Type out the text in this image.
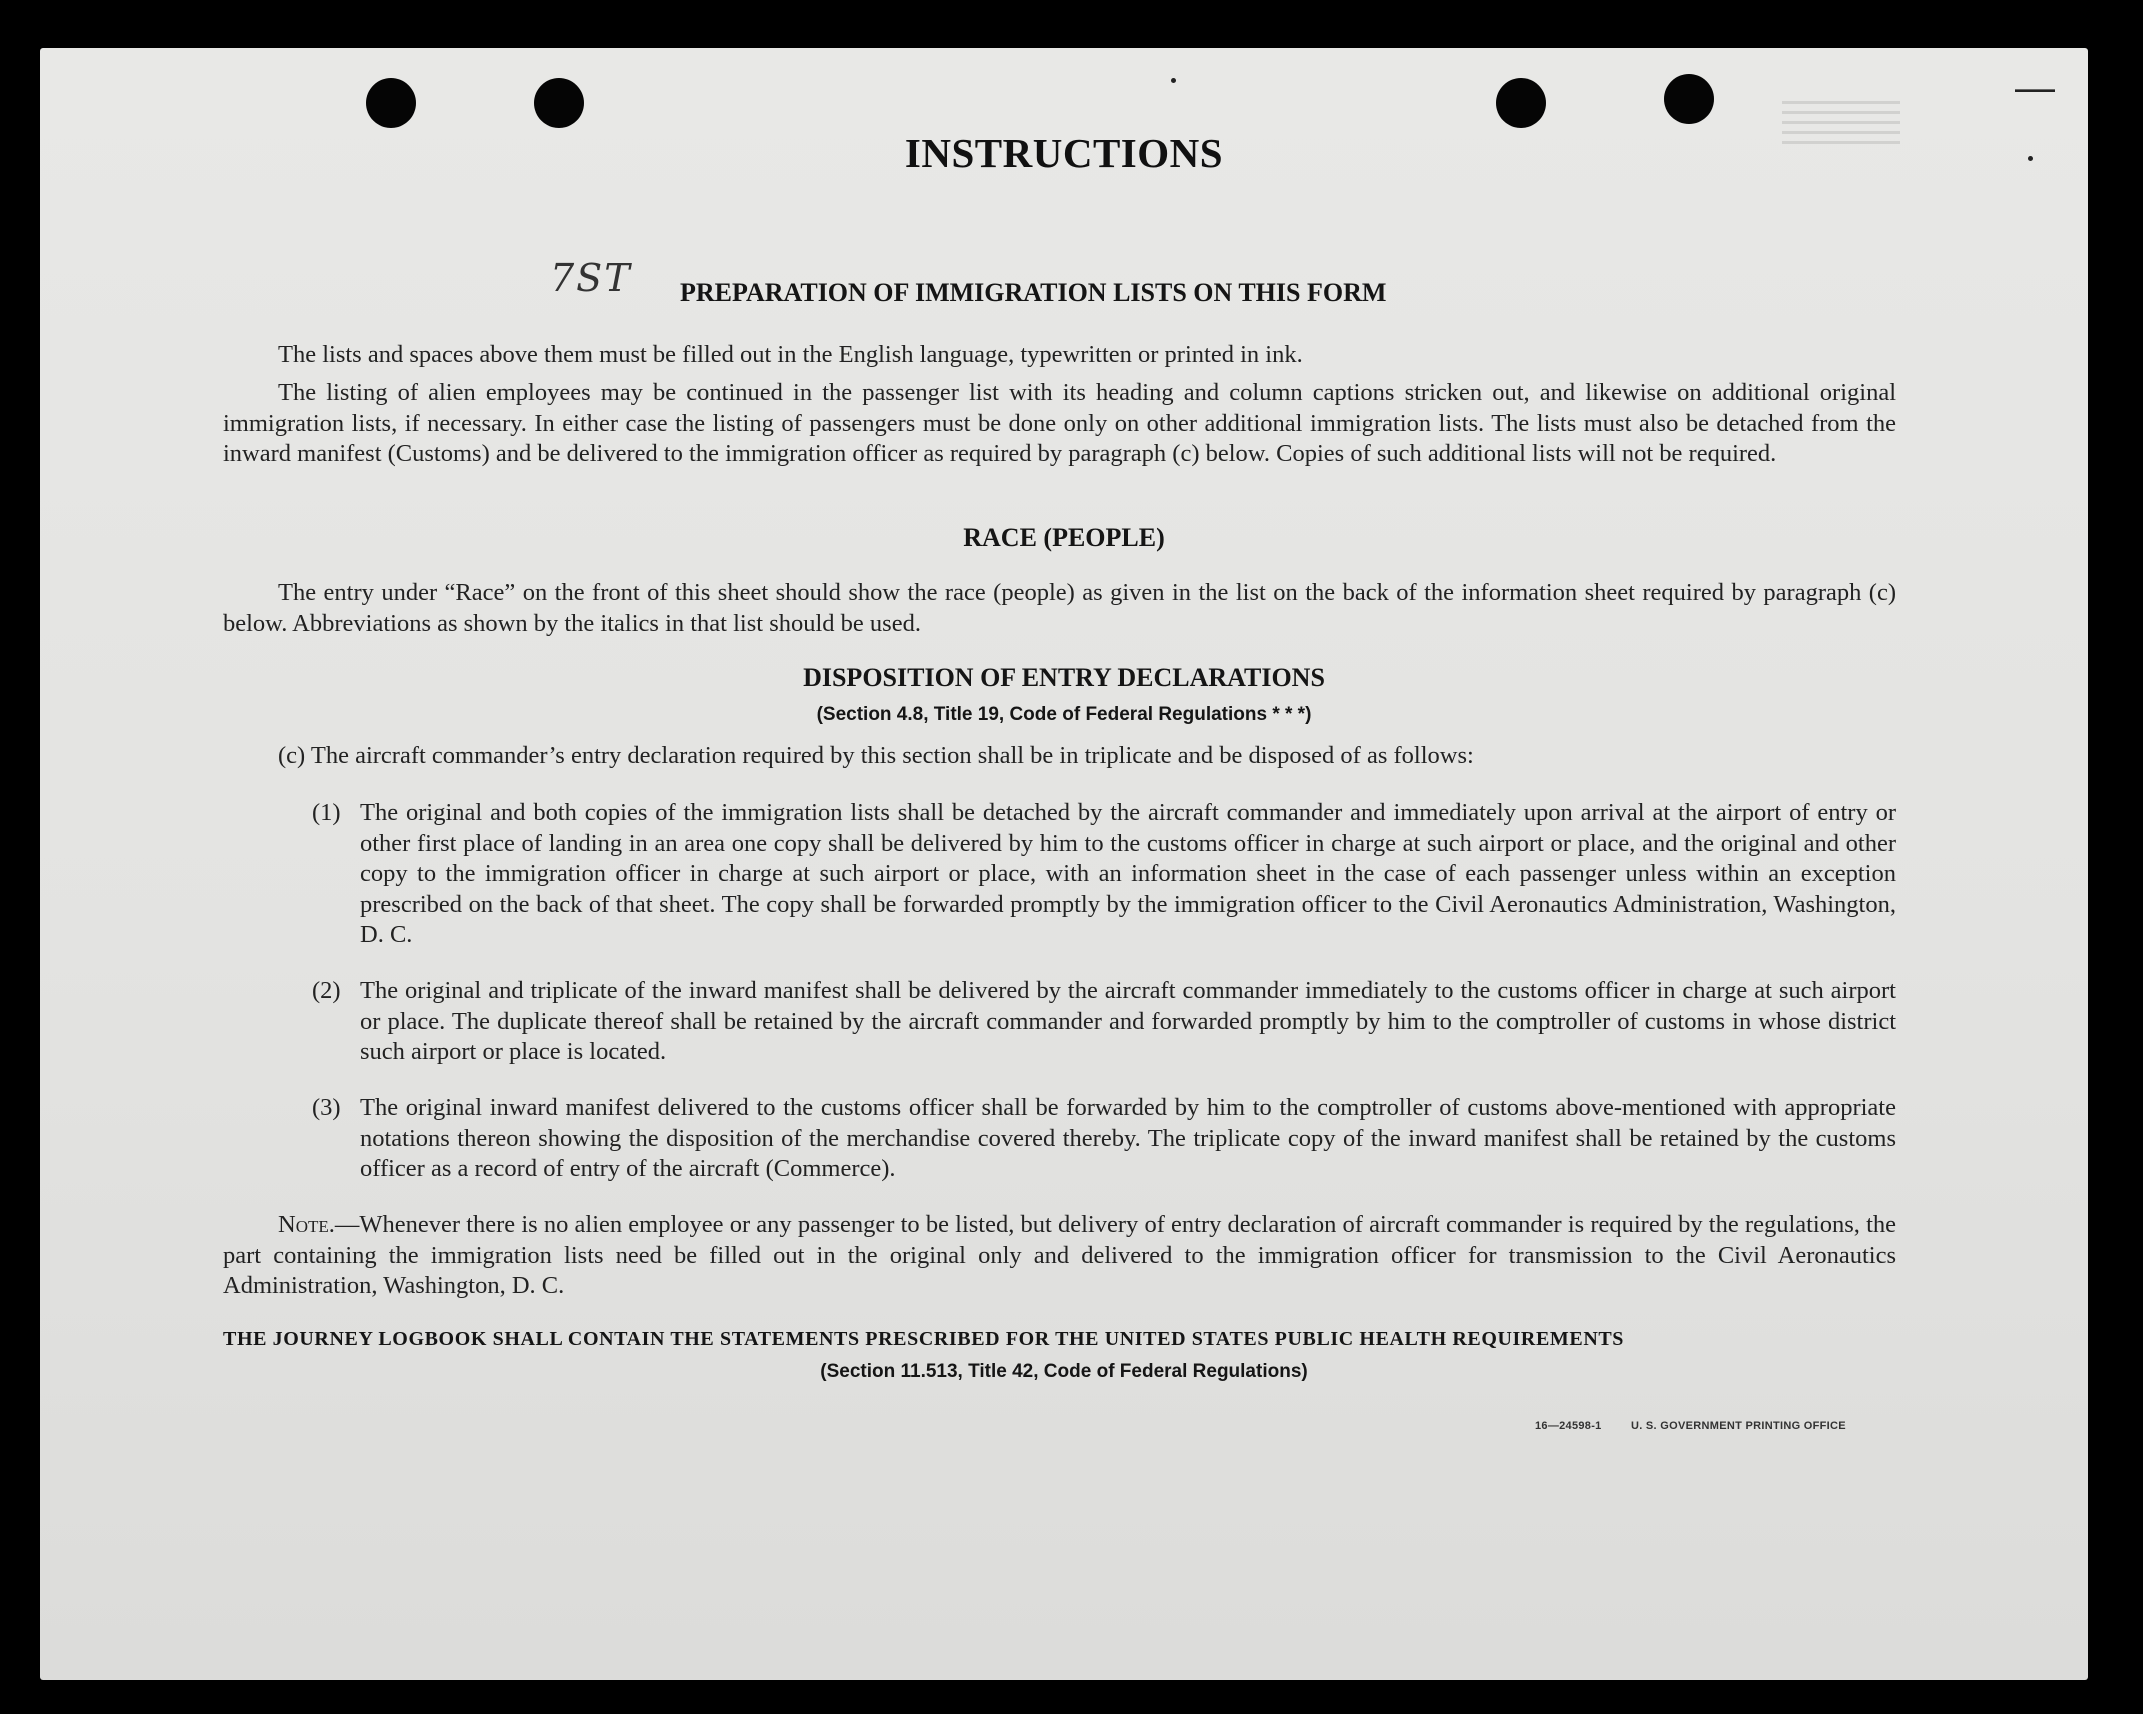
—
INSTRUCTIONS
7ST	PREPARATION OF IMMIGRATION LISTS ON THIS FORM
The lists and spaces above them must be filled out in the English language, typewritten or printed in ink.
The listing of alien employees may be continued in the passenger list with its heading and column captions stricken out, and likewise on additional original immigration lists, if necessary. In either case the listing of passengers must be done only on other additional immigration lists. The lists must also be detached from the inward manifest (Customs) and be delivered to the immigration officer as required by paragraph (c) below. Copies of such additional lists will not be required.
RACE (PEOPLE)
The entry under “Race” on the front of this sheet should show the race (people) as given in the list on the back of the information sheet required by paragraph (c) below. Abbreviations as shown by the italics in that list should be used.
DISPOSITION OF ENTRY DECLARATIONS
(Section 4.8, Title 19, Code of Federal Regulations * * *)
(c) The aircraft commander’s entry declaration required by this section shall be in triplicate and be disposed of as follows:
(1) The original and both copies of the immigration lists shall be detached by the aircraft commander and immediately upon arrival at the airport of entry or other first place of landing in an area one copy shall be delivered by him to the customs officer in charge at such airport or place, and the original and other copy to the immigration officer in charge at such airport or place, with an information sheet in the case of each passenger unless within an exception prescribed on the back of that sheet. The copy shall be forwarded promptly by the immigration officer to the Civil Aeronautics Administration, Washington, D. C.
(2) The original and triplicate of the inward manifest shall be delivered by the aircraft commander immediately to the customs officer in charge at such airport or place. The duplicate thereof shall be retained by the aircraft commander and forwarded promptly by him to the comptroller of customs in whose district such airport or place is located.
(3) The original inward manifest delivered to the customs officer shall be forwarded by him to the comptroller of customs above-mentioned with appropriate notations thereon showing the disposition of the merchandise covered thereby. The triplicate copy of the inward manifest shall be retained by the customs officer as a record of entry of the aircraft (Commerce).
Note.—Whenever there is no alien employee or any passenger to be listed, but delivery of entry declaration of aircraft commander is required by the regulations, the part containing the immigration lists need be filled out in the original only and delivered to the immigration officer for transmission to the Civil Aeronautics Administration, Washington, D. C.
THE JOURNEY LOGBOOK SHALL CONTAIN THE STATEMENTS PRESCRIBED FOR THE UNITED STATES PUBLIC HEALTH REQUIREMENTS
(Section 11.513, Title 42, Code of Federal Regulations)
16—24598-1	U. S. GOVERNMENT PRINTING OFFICE
